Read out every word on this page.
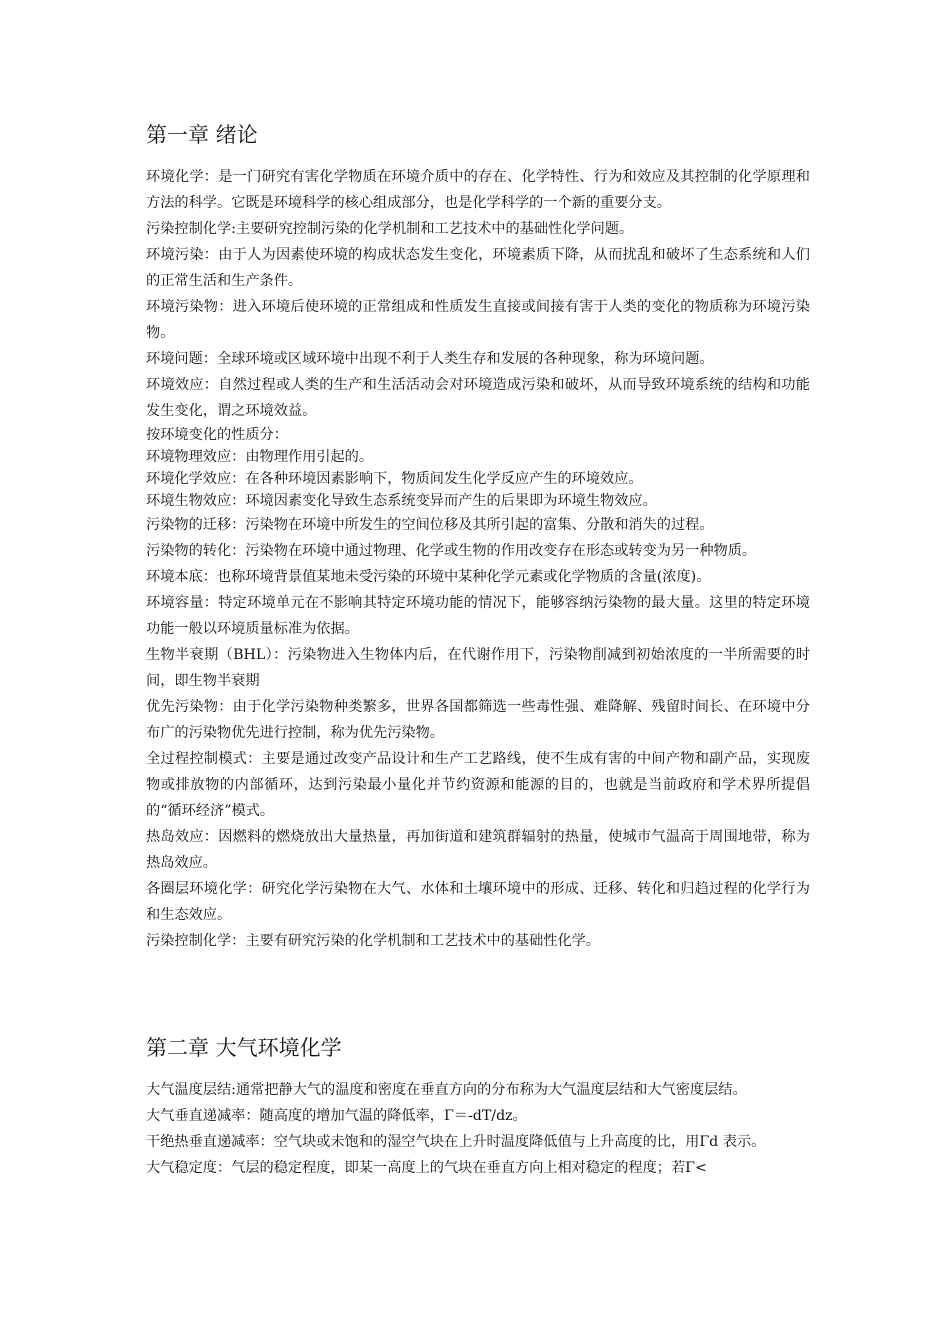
第一章 绪论

环境化学：是一门研究有害化学物质在环境介质中的存在、化学特性、行为和效应及其控制的化学原理和方法的科学。它既是环境科学的核心组成部分，也是化学科学的一个新的重要分支。

污染控制化学:主要研究控制污染的化学机制和工艺技术中的基础性化学问题。

环境污染：由于人为因素使环境的构成状态发生变化，环境素质下降，从而扰乱和破坏了生态系统和人们的正常生活和生产条件。

环境污染物：进入环境后使环境的正常组成和性质发生直接或间接有害于人类的变化的物质称为环境污染物。

环境问题：全球环境或区域环境中出现不利于人类生存和发展的各种现象，称为环境问题。

环境效应：自然过程或人类的生产和生活活动会对环境造成污染和破坏，从而导致环境系统的结构和功能发生变化，谓之环境效益。

按环境变化的性质分：

环境物理效应：由物理作用引起的。

环境化学效应：在各种环境因素影响下，物质间发生化学反应产生的环境效应。

环境生物效应：环境因素变化导致生态系统变异而产生的后果即为环境生物效应。

污染物的迁移：污染物在环境中所发生的空间位移及其所引起的富集、分散和消失的过程。

污染物的转化：污染物在环境中通过物理、化学或生物的作用改变存在形态或转变为另一种物质。

环境本底：也称环境背景值某地未受污染的环境中某种化学元素或化学物质的含量(浓度)。

环境容量：特定环境单元在不影响其特定环境功能的情况下，能够容纳污染物的最大量。这里的特定环境功能一般以环境质量标准为依据。

生物半衰期（BHL）：污染物进入生物体内后，在代谢作用下，污染物削减到初始浓度的一半所需要的时间，即生物半衰期

优先污染物：由于化学污染物种类繁多，世界各国都筛选一些毒性强、难降解、残留时间长、在环境中分布广的污染物优先进行控制，称为优先污染物。

全过程控制模式：主要是通过改变产品设计和生产工艺路线，使不生成有害的中间产物和副产品，实现废物或排放物的内部循环，达到污染最小量化并节约资源和能源的目的，也就是当前政府和学术界所提倡的“循环经济”模式。

热岛效应：因燃料的燃烧放出大量热量，再加街道和建筑群辐射的热量，使城市气温高于周围地带，称为热岛效应。

各圈层环境化学：研究化学污染物在大气、水体和土壤环境中的形成、迁移、转化和归趋过程的化学行为和生态效应。

污染控制化学：主要有研究污染的化学机制和工艺技术中的基础性化学。

第二章 大气环境化学

大气温度层结:通常把静大气的温度和密度在垂直方向的分布称为大气温度层结和大气密度层结。

大气垂直递减率：随高度的增加气温的降低率，Γ＝-dT/dz。

干绝热垂直递减率：空气块或未饱和的湿空气块在上升时温度降低值与上升高度的比，用Γd 表示。

大气稳定度：气层的稳定程度，即某一高度上的气块在垂直方向上相对稳定的程度；若Γ<
